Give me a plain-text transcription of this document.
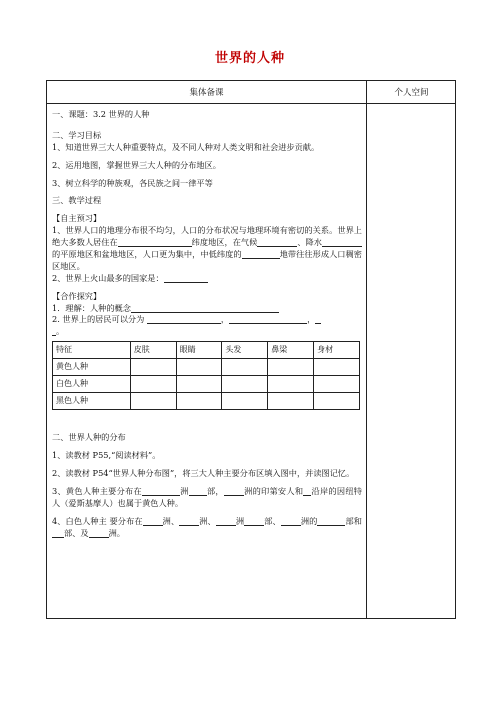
世界的人种
集体备课	个人空间

一、课题：3.2 世界的人种

二、学习目标

1、知道世界三大人种重要特点，及不同人种对人类文明和社会进步贡献。

2、运用地图，掌握世界三大人种的分布地区。

3、树立科学的种族观，各民族之间一律平等

三、教学过程

【自主预习】

1、世界人口的地理分布很不均匀，人口的分布状况与地理环境有密切的关系。世界上绝大多数人居住在	纬度地区，在气候	、降水的平原地区和盆地地区，人口更为集中，中低纬度的	地带往往形成人口稠密区地区。

2、世界上火山最多的国家是：

【合作探究】

1．理解：人种的概念

2. 世界上的居民可以分为	，	，

。

特征	皮肤	眼睛	头发	鼻梁	身材
黄色人种					
白色人种					
黑色人种					

二、世界人种的分布

1、读教材 P55,“阅读材料”。

2、读教材 P54“世界人种分布图”，将三大人种主要分布区填入图中，并读图记忆。

3、黄色人种主要分布在	洲 部， 洲的印第安人和 沿岸的因纽特人（爱斯基摩人）也属于黄色人种。

4、白色人种主 要分布在 洲、 洲、 洲 部、 洲的	部和部、及 洲。
